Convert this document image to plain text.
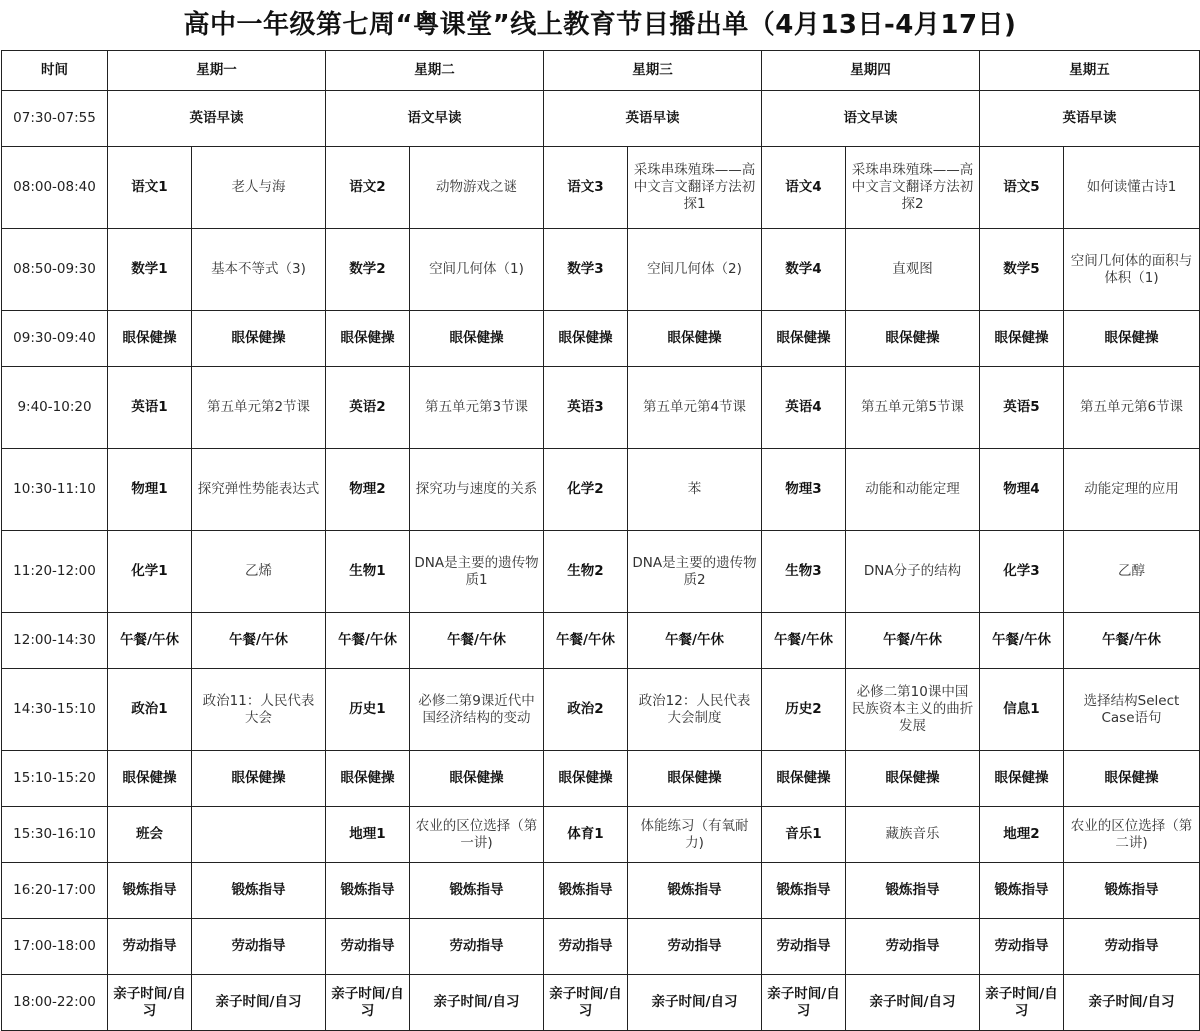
高中一年级第七周“粤课堂”线上教育节目播出单（4月13日-4月17日)
时间	星期一		星期二		星期三		星期四		星期五	
07:30-07:55	英语早读		语文早读		英语早读		语文早读		英语早读	
08:00-08:40	语文1	老人与海	语文2	动物游戏之谜	语文3	采珠串珠殖珠——高中文言文翻译方法初探1	语文4	采珠串珠殖珠——高中文言文翻译方法初探2	语文5	如何读懂古诗1
08:50-09:30	数学1	基本不等式（3)	数学2	空间几何体（1)	数学3	空间几何体（2)	数学4	直观图	数学5	空间几何体的面积与体积（1)
09:30-09:40	眼保健操	眼保健操	眼保健操	眼保健操	眼保健操	眼保健操	眼保健操	眼保健操	眼保健操	眼保健操
9:40-10:20	英语1	第五单元第2节课	英语2	第五单元第3节课	英语3	第五单元第4节课	英语4	第五单元第5节课	英语5	第五单元第6节课
10:30-11:10	物理1	探究弹性势能表达式	物理2	探究功与速度的关系	化学2	苯	物理3	动能和动能定理	物理4	动能定理的应用
11:20-12:00	化学1	乙烯	生物1	DNA是主要的遗传物质1	生物2	DNA是主要的遗传物质2	生物3	DNA分子的结构	化学3	乙醇
12:00-14:30	午餐/午休	午餐/午休	午餐/午休	午餐/午休	午餐/午休	午餐/午休	午餐/午休	午餐/午休	午餐/午休	午餐/午休
14:30-15:10	政治1	政治11：人民代表大会	历史1	必修二第9课近代中国经济结构的变动	政治2	政治12：人民代表大会制度	历史2	必修二第10课中国民族资本主义的曲折发展	信息1	选择结构Select Case语句
15:10-15:20	眼保健操	眼保健操	眼保健操	眼保健操	眼保健操	眼保健操	眼保健操	眼保健操	眼保健操	眼保健操
15:30-16:10	班会		地理1	农业的区位选择（第一讲)	体育1	体能练习（有氧耐力)	音乐1	藏族音乐	地理2	农业的区位选择（第二讲)
16:20-17:00	锻炼指导	锻炼指导	锻炼指导	锻炼指导	锻炼指导	锻炼指导	锻炼指导	锻炼指导	锻炼指导	锻炼指导
17:00-18:00	劳动指导	劳动指导	劳动指导	劳动指导	劳动指导	劳动指导	劳动指导	劳动指导	劳动指导	劳动指导
18:00-22:00	亲子时间/自习	亲子时间/自习	亲子时间/自习	亲子时间/自习	亲子时间/自习	亲子时间/自习	亲子时间/自习	亲子时间/自习	亲子时间/自习	亲子时间/自习
